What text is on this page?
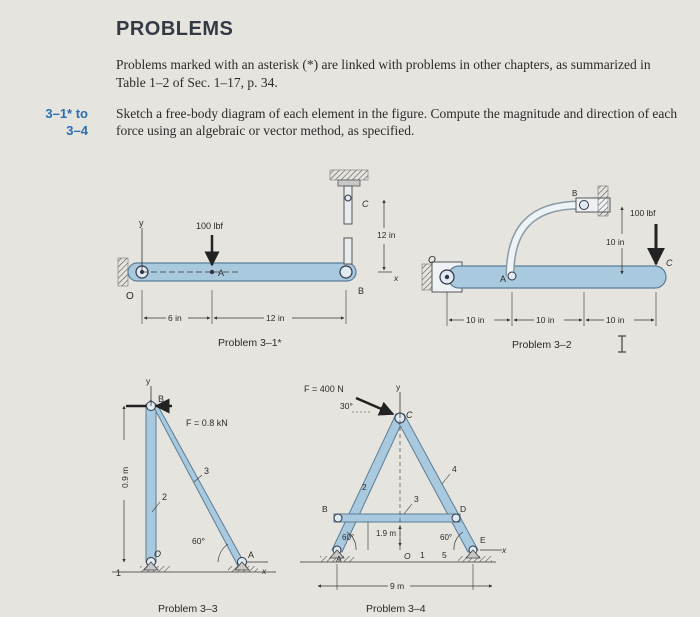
PROBLEMS
Problems marked with an asterisk (*) are linked with problems in other chapters, as summarized in Table 1–2 of Sec. 1–17, p. 34.
3–1* to
3–4
Sketch a free-body diagram of each element in the figure. Compute the magnitude and direction of each force using an algebraic or vector method, as specified.
y
O
100 lbf
A
C
B
12 in
x
6 in	12 in
Problem 3–1*
O
A
B
100 lbf
C
10 in
10 in	10 in	10 in
Problem 3–2
F = 0.8 kN
y
x
B
O	A
2
3
1
60°
0.9 m
Problem 3–3
F = 400 N
30°
y
x
C
B	D
A
E
O
2
3
4
1 5
60°	60°
1.9 m
9 m
Problem 3–4
